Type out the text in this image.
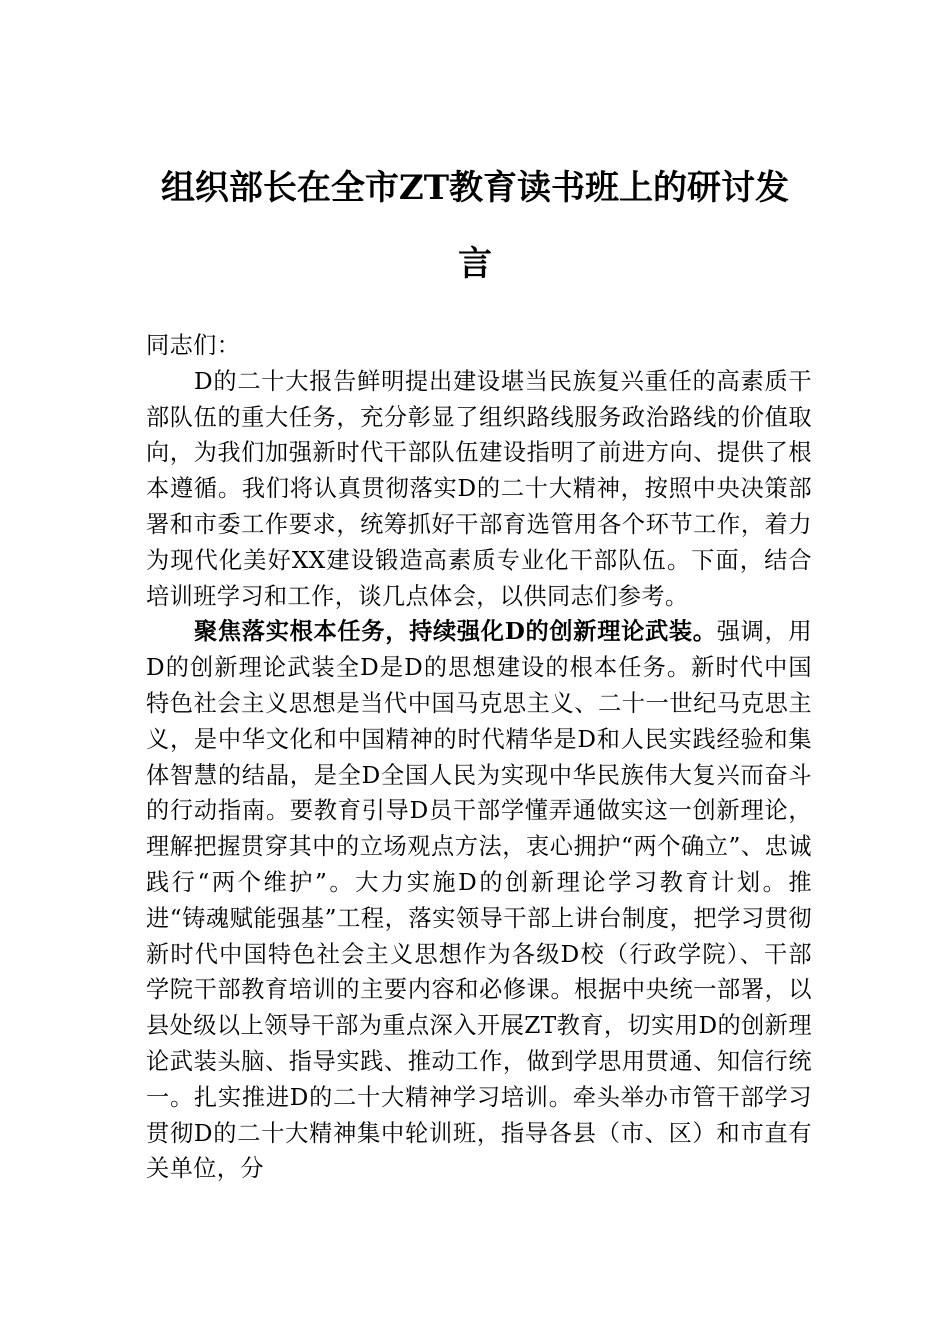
组织部长在全市ZT教育读书班上的研讨发
言

同志们：

D的二十大报告鲜明提出建设堪当民族复兴重任的高素质干部队伍的重大任务，充分彰显了组织路线服务政治路线的价值取向，为我们加强新时代干部队伍建设指明了前进方向、提供了根本遵循。我们将认真贯彻落实D的二十大精神，按照中央决策部署和市委工作要求，统筹抓好干部育选管用各个环节工作，着力为现代化美好XX建设锻造高素质专业化干部队伍。下面，结合培训班学习和工作，谈几点体会，以供同志们参考。

聚焦落实根本任务，持续强化D的创新理论武装。强调，用D的创新理论武装全D是D的思想建设的根本任务。新时代中国特色社会主义思想是当代中国马克思主义、二十一世纪马克思主义，是中华文化和中国精神的时代精华是D和人民实践经验和集体智慧的结晶，是全D全国人民为实现中华民族伟大复兴而奋斗的行动指南。要教育引导D员干部学懂弄通做实这一创新理论，理解把握贯穿其中的立场观点方法，衷心拥护“两个确立”、忠诚践行“两个维护”。大力实施D的创新理论学习教育计划。推进“铸魂赋能强基”工程，落实领导干部上讲台制度，把学习贯彻新时代中国特色社会主义思想作为各级D校（行政学院）、干部学院干部教育培训的主要内容和必修课。根据中央统一部署，以县处级以上领导干部为重点深入开展ZT教育，切实用D的创新理论武装头脑、指导实践、推动工作，做到学思用贯通、知信行统一。扎实推进D的二十大精神学习培训。牵头举办市管干部学习贯彻D的二十大精神集中轮训班，指导各县（市、区）和市直有关单位，分
